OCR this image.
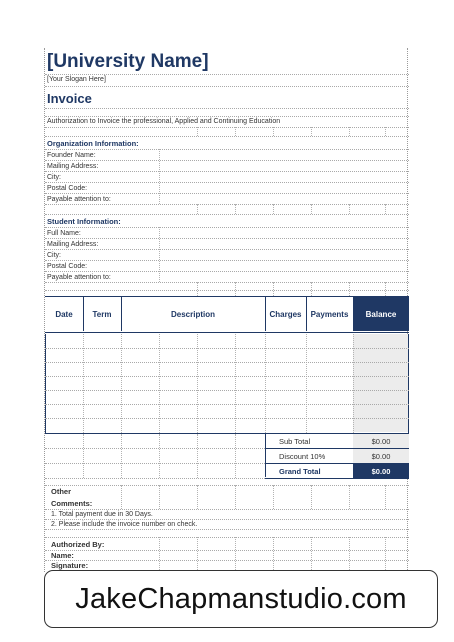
[University Name]
[Your Slogan Here]
Invoice
Authorization to Invoice the professional, Applied and Continuing Education
Organization Information:
Founder Name:
Mailing Address:
City:
Postal Code:
Payable attention to:
Student Information:
Full Name:
Mailing Address:
City:
Postal Code:
Payable attention to:
Date	Term	Description	Charges	Payments	Balance
Sub Total	$0.00
Discount 10%	$0.00
Grand Total	$0.00
Other
Comments:
1. Total payment due in 30 Days.
2. Please include the invoice number on check.
Authorized By:
Name:
Signature:
JakeChapmanstudio.com
